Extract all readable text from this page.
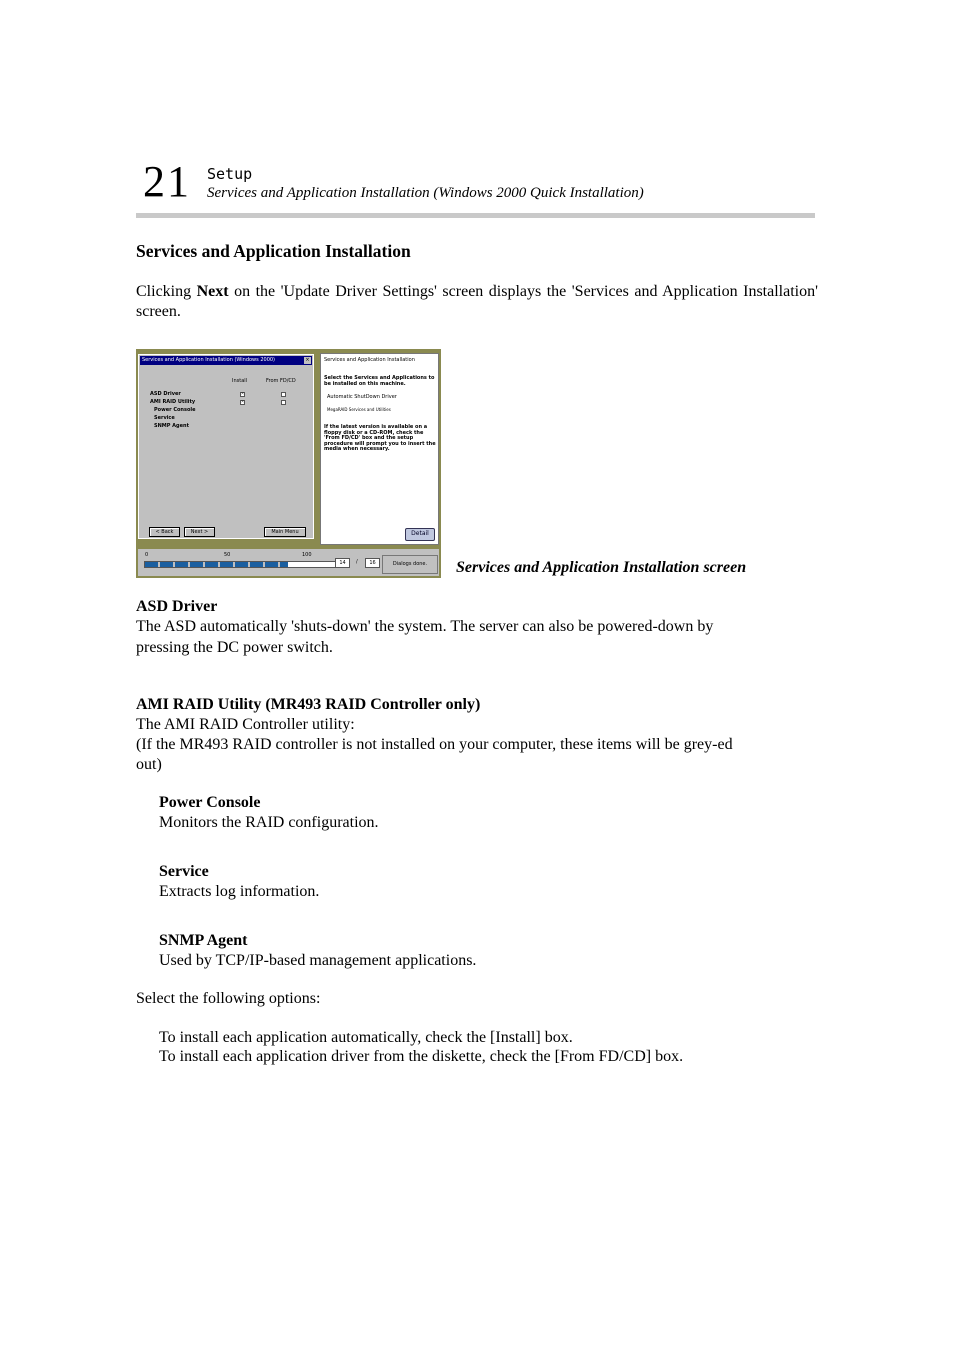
21 Setup
Services and Application Installation (Windows 2000 Quick Installation)
Services and Application Installation
Clicking Next on the 'Update Driver Settings' screen displays the 'Services and Application Installation' screen.
Services and Application Installation (Windows 2000)	×
Install	From FD/CD
ASD Driver
AMI RAID Utility
Power Console
Service
SNMP Agent
×
×
< Back	Next >	Main Menu
Services and Application Installation
Select the Services and Applications to be installed on this machine.
Automatic ShutDown Driver
MegaRAID Services and Utilities
If the latest version is available on a floppy disk or a CD-ROM, check the 'From FD/CD' box and the setup procedure will prompt you to insert the media when necessary.
Detail
0	50	100
14	/	16	Dialogs done.	Services and Application Installation screen
ASD Driver
The ASD automatically 'shuts-down' the system. The server can also be powered-down by
pressing the DC power switch.
AMI RAID Utility (MR493 RAID Controller only)
The AMI RAID Controller utility:
(If the MR493 RAID controller is not installed on your computer, these items will be grey-ed
out)
Power Console
Monitors the RAID configuration.
Service
Extracts log information.
SNMP Agent
Used by TCP/IP-based management applications.
Select the following options:
To install each application automatically, check the [Install] box.
To install each application driver from the diskette, check the [From FD/CD] box.
